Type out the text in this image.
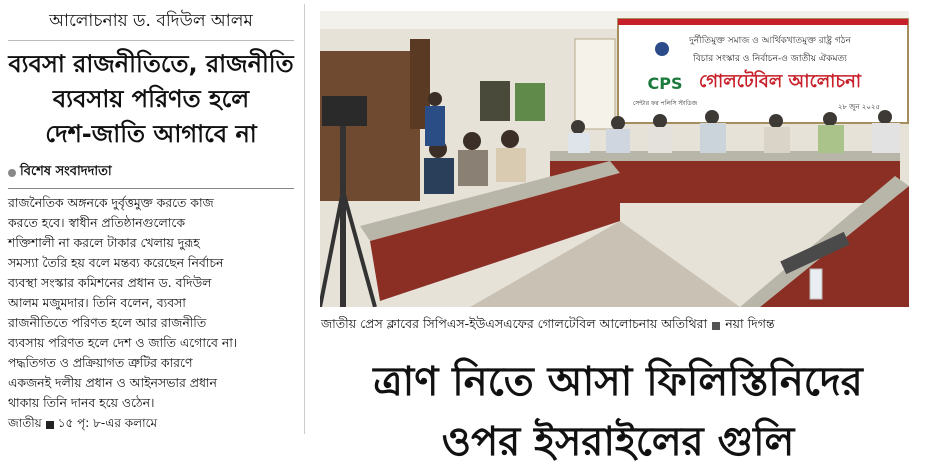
আলোচনায় ড. বদিউল আলম

ব্যবসা রাজনীতিতে, রাজনীতি
ব্যবসায় পরিণত হলে
দেশ-জাতি আগাবে না
বিশেষ সংবাদদাতা
রাজনৈতিক অঙ্গনকে দুর্বৃত্তমুক্ত করতে কাজ
করতে হবে। স্বাধীন প্রতিষ্ঠানগুলোকে
শক্তিশালী না করলে টাকার খেলায় দুরূহ
সমস্যা তৈরি হয় বলে মন্তব্য করেছেন নির্বাচন
ব্যবস্থা সংস্কার কমিশনের প্রধান ড. বদিউল
আলম মজুমদার। তিনি বলেন, ব্যবসা
রাজনীতিতে পরিণত হলে আর রাজনীতি
ব্যবসায় পরিণত হলে দেশ ও জাতি এগোবে না।
পদ্ধতিগত ও প্রক্রিয়াগত ত্রুটির কারণে
একজনই দলীয় প্রধান ও আইনসভার প্রধান
থাকায় তিনি দানব হয়ে ওঠেন।
জাতীয় ১৫ পৃ: ৮-এর কলামে
দুর্নীতিমুক্ত সমাজ ও আর্থিকখাতমুক্ত রাষ্ট্র গঠন
বিচার সংস্কার ও নির্বাচন-ও জাতীয় ঐকমত্য
গোলটেবিল আলোচনা
২৮ জুন ২০২৫
CPS
সেন্টার ফর পলিসি স্টাডিজ
জাতীয় প্রেস ক্লাবের সিপিএস-ইউএসএফের গোলটেবিল আলোচনায় অতিথিরা নয়া দিগন্ত
ত্রাণ নিতে আসা ফিলিস্তিনিদের
ওপর ইসরাইলের গুলি
